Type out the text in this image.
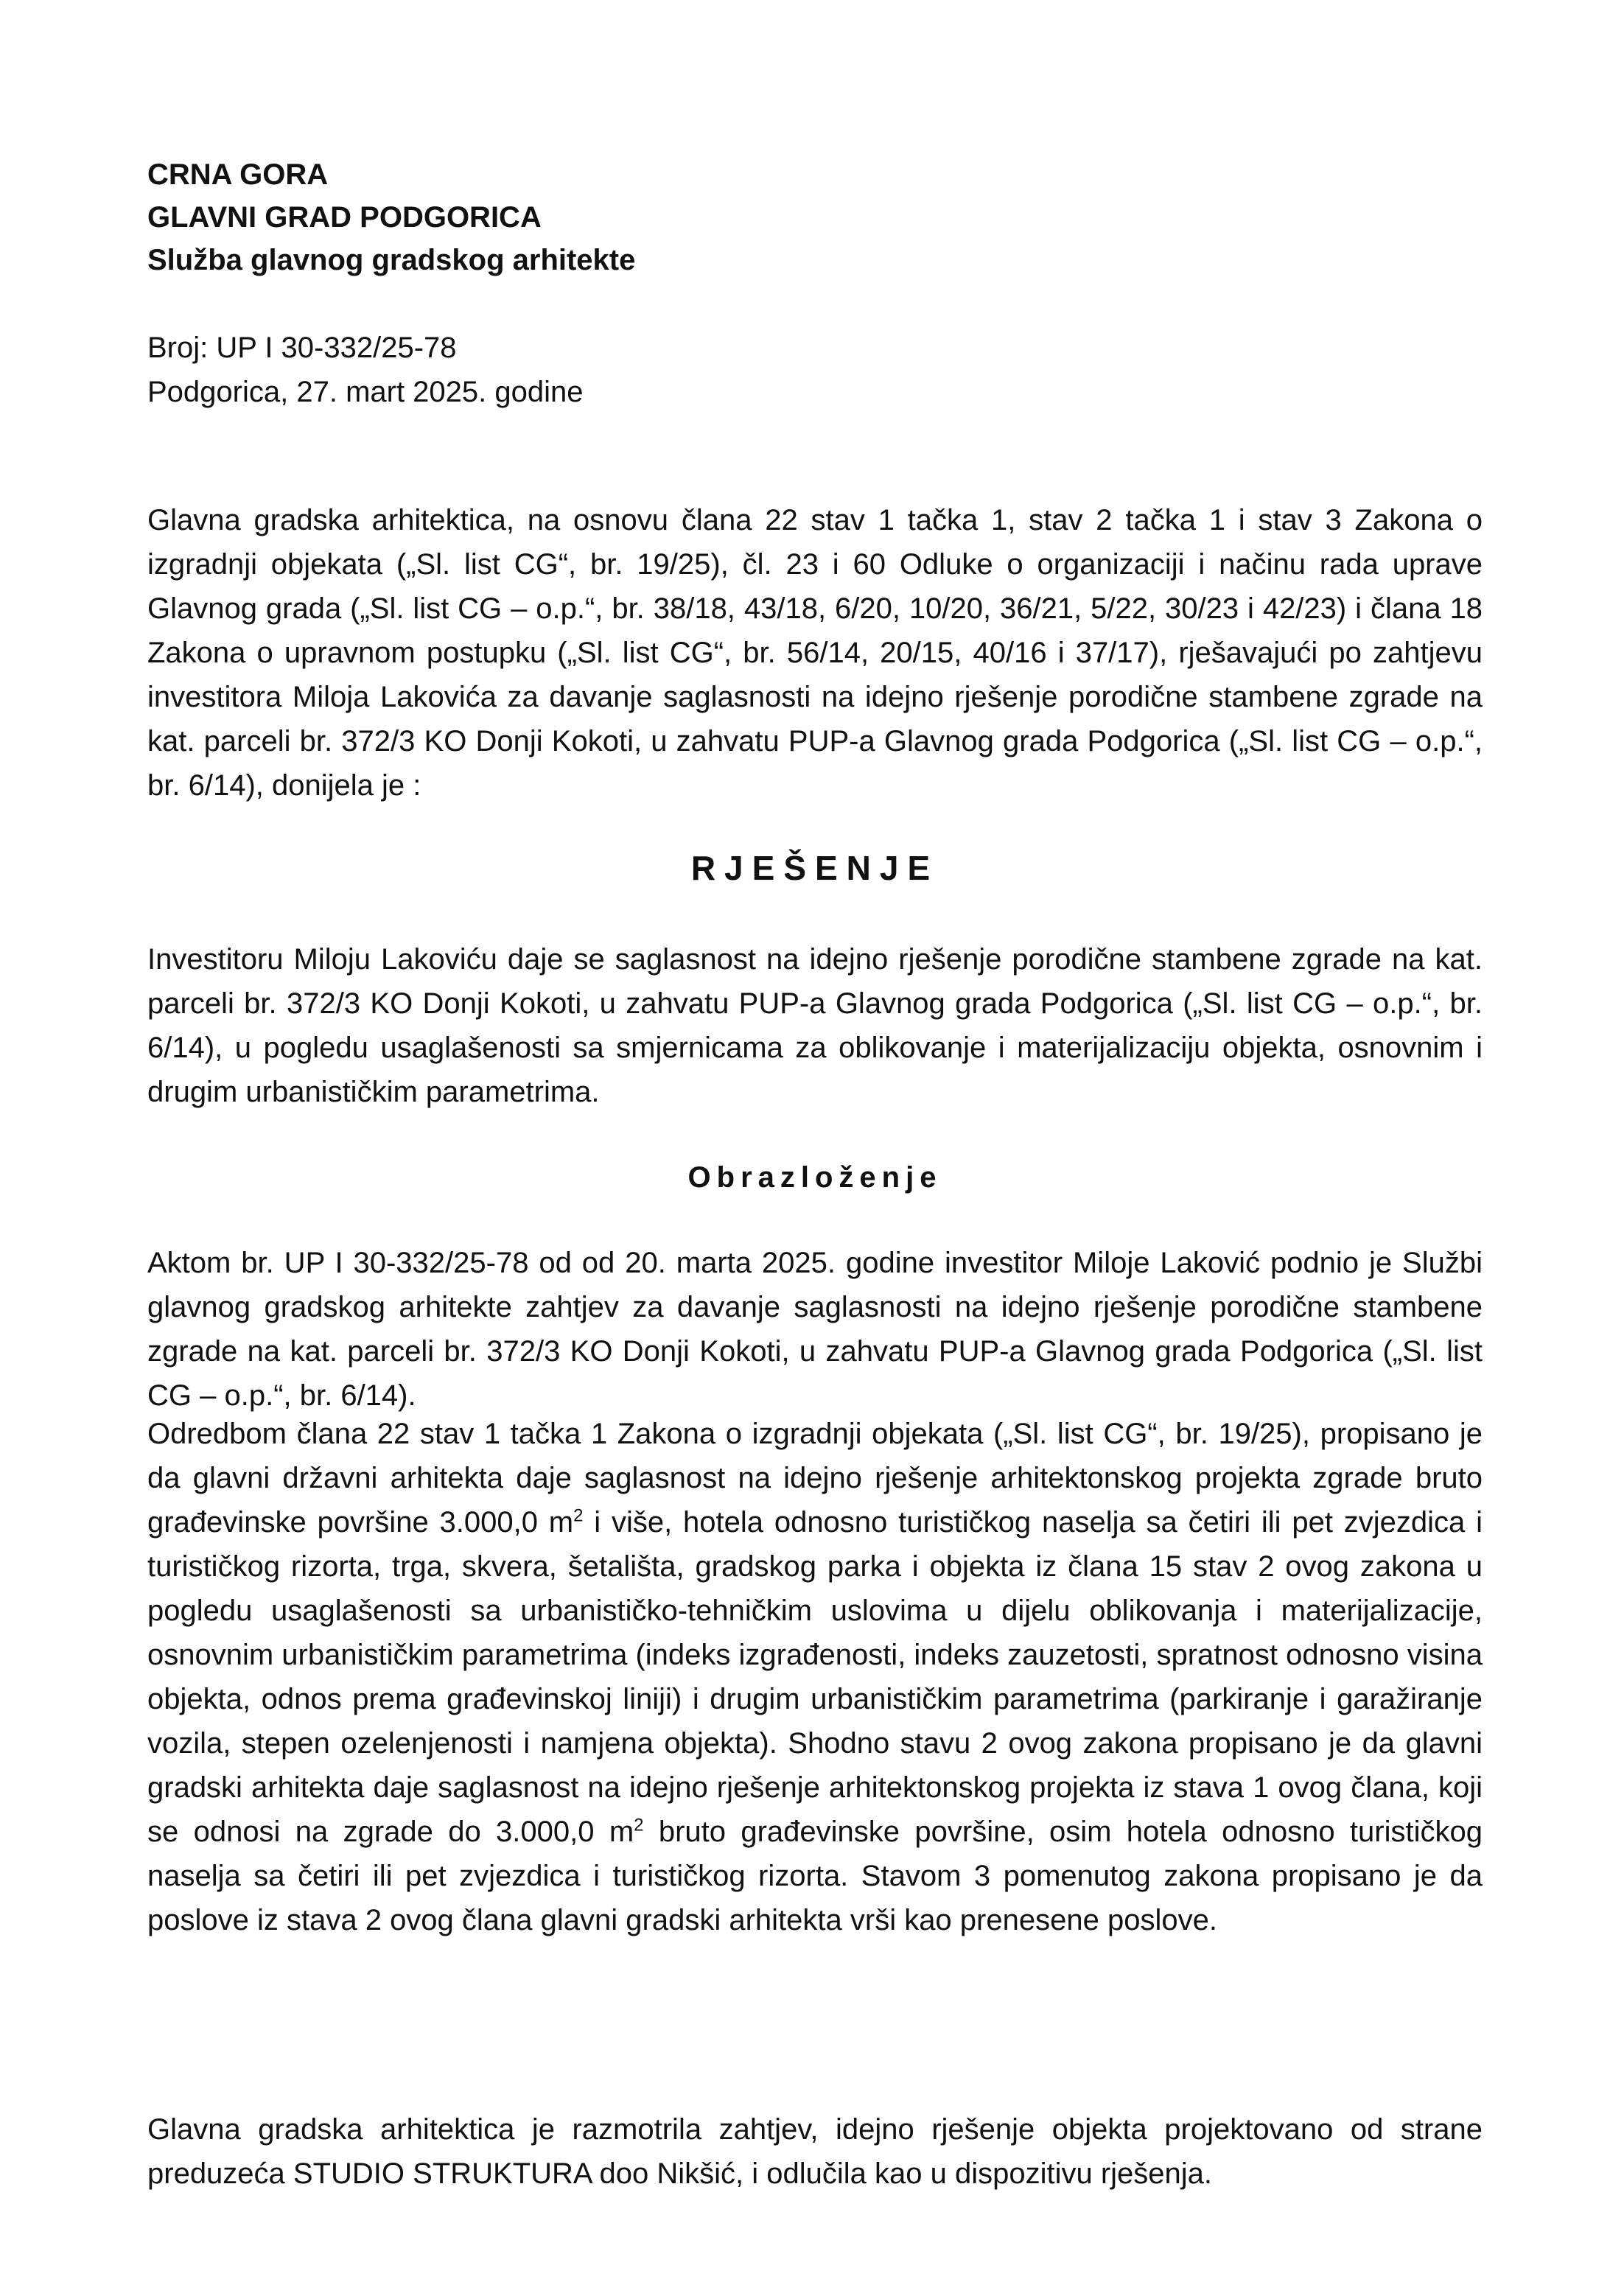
CRNA GORA
GLAVNI GRAD PODGORICA
Služba glavnog gradskog arhitekte
Broj: UP I 30-332/25-78
Podgorica, 27. mart 2025. godine
Glavna gradska arhitektica, na osnovu člana 22 stav 1 tačka 1, stav 2 tačka 1 i stav 3 Zakona o izgradnji objekata („Sl. list CG“, br. 19/25), čl. 23 i 60 Odluke o organizaciji i načinu rada uprave Glavnog grada („Sl. list CG – o.p.“, br. 38/18, 43/18, 6/20, 10/20, 36/21, 5/22, 30/23 i 42/23) i člana 18 Zakona o upravnom postupku („Sl. list CG“, br. 56/14, 20/15, 40/16 i 37/17), rješavajući po zahtjevu investitora Miloja Lakovića za davanje saglasnosti na idejno rješenje porodične stambene zgrade na kat. parceli br. 372/3 KO Donji Kokoti, u zahvatu PUP-a Glavnog grada Podgorica („Sl. list CG – o.p.“, br. 6/14), donijela je :
RJEŠENJE
Investitoru Miloju Lakoviću daje se saglasnost na idejno rješenje porodične stambene zgrade na kat. parceli br. 372/3 KO Donji Kokoti, u zahvatu PUP-a Glavnog grada Podgorica („Sl. list CG – o.p.“, br. 6/14), u pogledu usaglašenosti sa smjernicama za oblikovanje i materijalizaciju objekta, osnovnim i drugim urbanističkim parametrima.
Obrazloženje
Aktom br. UP I 30-332/25-78 od od 20. marta 2025. godine investitor Miloje Laković podnio je Službi glavnog gradskog arhitekte zahtjev za davanje saglasnosti na idejno rješenje porodične stambene zgrade na kat. parceli br. 372/3 KO Donji Kokoti, u zahvatu PUP-a Glavnog grada Podgorica („Sl. list CG – o.p.“, br. 6/14).
Odredbom člana 22 stav 1 tačka 1 Zakona o izgradnji objekata („Sl. list CG“, br. 19/25), propisano je da glavni državni arhitekta daje saglasnost na idejno rješenje arhitektonskog projekta zgrade bruto građevinske površine 3.000,0 $m^2$ i više, hotela odnosno turističkog naselja sa četiri ili pet zvjezdica i turističkog rizorta, trga, skvera, šetališta, gradskog parka i objekta iz člana 15 stav 2 ovog zakona u pogledu usaglašenosti sa urbanističko-tehničkim uslovima u dijelu oblikovanja i materijalizacije, osnovnim urbanističkim parametrima (indeks izgrađenosti, indeks zauzetosti, spratnost odnosno visina objekta, odnos prema građevinskoj liniji) i drugim urbanističkim parametrima (parkiranje i garažiranje vozila, stepen ozelenjenosti i namjena objekta). Shodno stavu 2 ovog zakona propisano je da glavni gradski arhitekta daje saglasnost na idejno rješenje arhitektonskog projekta iz stava 1 ovog člana, koji se odnosi na zgrade do 3.000,0 $m^2$ bruto građevinske površine, osim hotela odnosno turističkog naselja sa četiri ili pet zvjezdica i turističkog rizorta. Stavom 3 pomenutog zakona propisano je da poslove iz stava 2 ovog člana glavni gradski arhitekta vrši kao prenesene poslove.
Glavna gradska arhitektica je razmotrila zahtjev, idejno rješenje objekta projektovano od strane preduzeća STUDIO STRUKTURA doo Nikšić, i odlučila kao u dispozitivu rješenja.
